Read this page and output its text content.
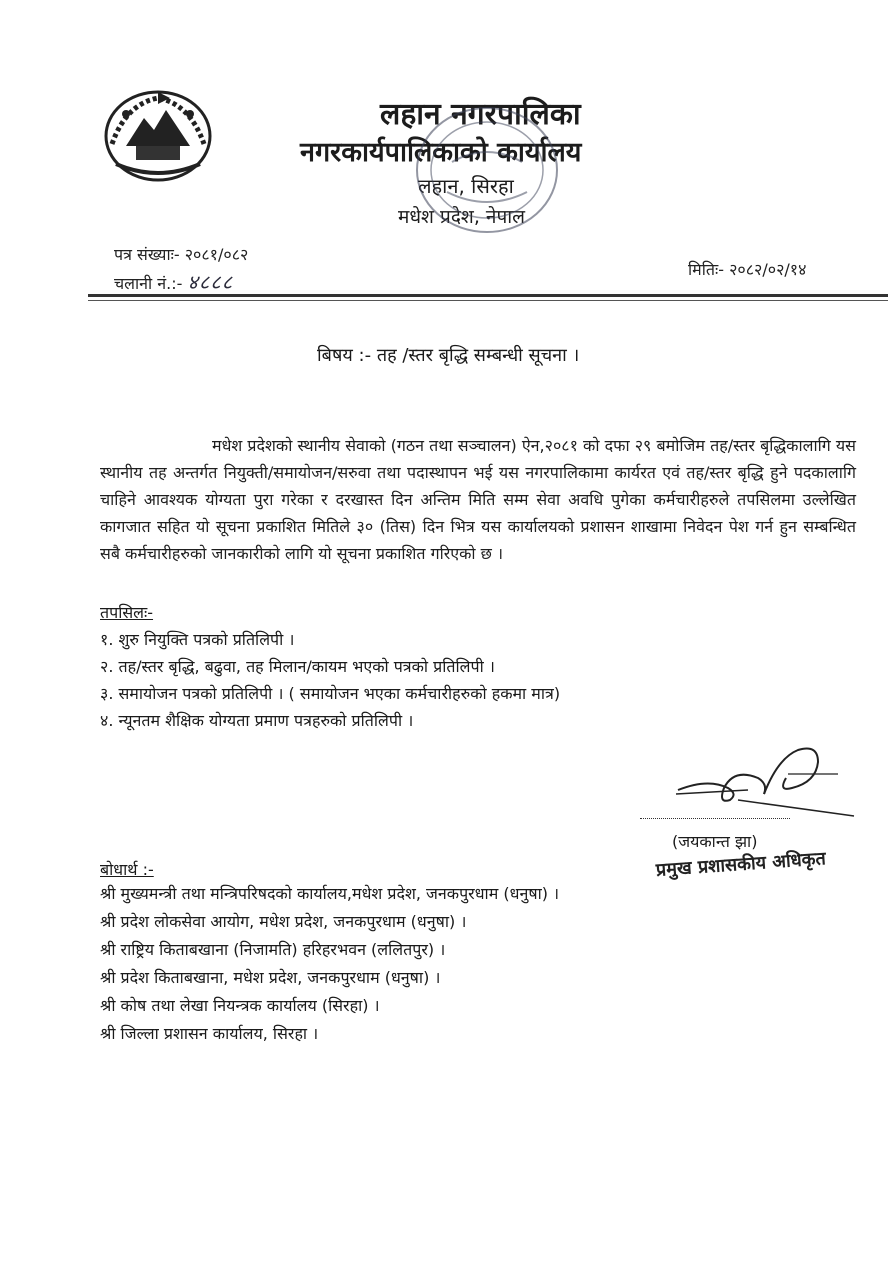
लहान नगरपालिका
नगरकार्यपालिकाको कार्यालय
लहान, सिरहा
मधेश प्रदेश, नेपाल
पत्र संख्याः- २०८१/०८२
चलानी नं.:- ४८८८
मितिः- २०८२/०२/१४
बिषय :- तह /स्तर बृद्धि सम्बन्धी सूचना ।
मधेश प्रदेशको स्थानीय सेवाको (गठन तथा सञ्चालन) ऐन,२०८१ को दफा २९ बमोजिम तह/स्तर बृद्धिकालागि यस स्थानीय तह अन्तर्गत नियुक्ती/समायोजन/सरुवा तथा पदास्थापन भई यस नगरपालिकामा कार्यरत एवं तह/स्तर बृद्धि हुने पदकालागि चाहिने आवश्यक योग्यता पुरा गरेका र दरखास्त दिन अन्तिम मिति सम्म सेवा अवधि पुगेका कर्मचारीहरुले तपसिलमा उल्लेखित कागजात सहित यो सूचना प्रकाशित मितिले ३० (तिस) दिन भित्र यस कार्यालयको प्रशासन शाखामा निवेदन पेश गर्न हुन सम्बन्धित सबै कर्मचारीहरुको जानकारीको लागि यो सूचना प्रकाशित गरिएको छ ।
तपसिलः-
१. शुरु नियुक्ति पत्रको प्रतिलिपी ।
२. तह/स्तर बृद्धि, बढुवा, तह मिलान/कायम भएको पत्रको प्रतिलिपी ।
३. समायोजन पत्रको प्रतिलिपी । ( समायोजन भएका कर्मचारीहरुको हकमा मात्र)
४. न्यूनतम शैक्षिक योग्यता प्रमाण पत्रहरुको प्रतिलिपी ।
(जयकान्त झा)
प्रमुख प्रशासकीय अधिकृत
बोधार्थ :-
श्री मुख्यमन्त्री तथा मन्त्रिपरिषदको कार्यालय,मधेश प्रदेश, जनकपुरधाम (धनुषा) ।
श्री प्रदेश लोकसेवा आयोग, मधेश प्रदेश, जनकपुरधाम (धनुषा) ।
श्री राष्ट्रिय किताबखाना (निजामति) हरिहरभवन (ललितपुर) ।
श्री प्रदेश किताबखाना, मधेश प्रदेश, जनकपुरधाम (धनुषा) ।
श्री कोष तथा लेखा नियन्त्रक कार्यालय (सिरहा) ।
श्री जिल्ला प्रशासन कार्यालय, सिरहा ।
